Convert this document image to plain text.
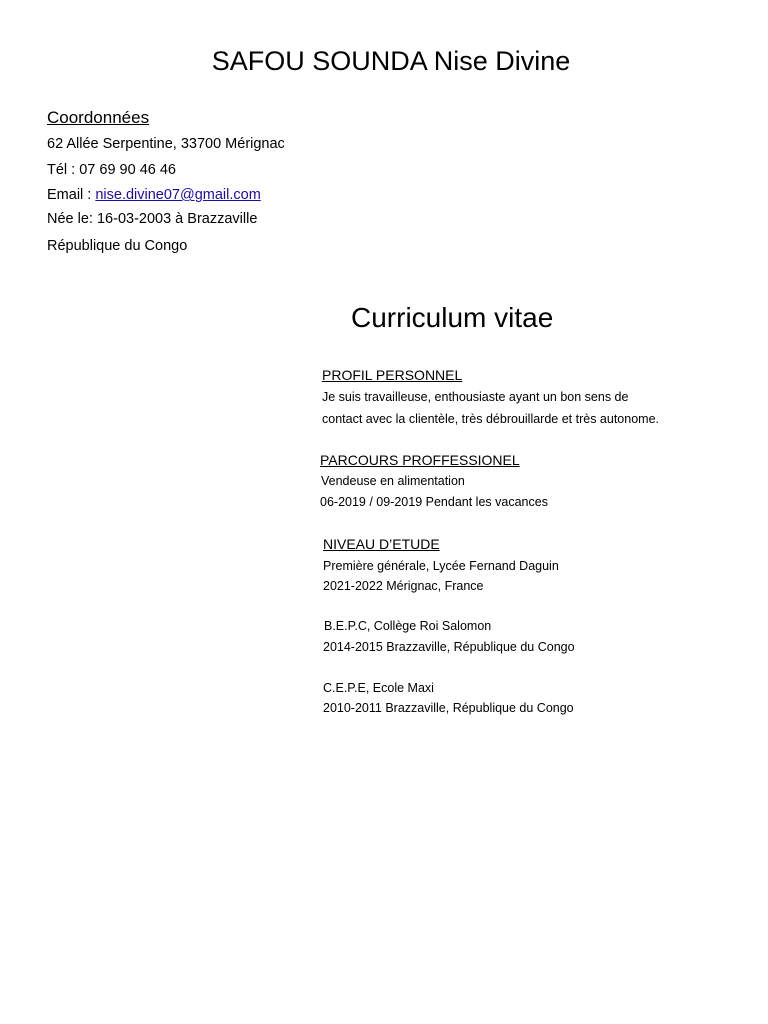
SAFOU SOUNDA Nise Divine
Coordonnées
62 Allée Serpentine, 33700 Mérignac
Tél : 07 69 90 46 46
Email : nise.divine07@gmail.com
Née le: 16-03-2003 à Brazzaville
République du Congo
Curriculum vitae
PROFIL PERSONNEL
Je suis travailleuse, enthousiaste ayant un bon sens de
contact avec la clientèle, très débrouillarde et très autonome.
PARCOURS PROFFESSIONEL
Vendeuse en alimentation
06-2019 / 09-2019 Pendant les vacances
NIVEAU D’ETUDE
Première générale, Lycée Fernand Daguin
2021-2022 Mérignac, France
B.E.P.C, Collège Roi Salomon
2014-2015 Brazzaville, République du Congo
C.E.P.E, Ecole Maxi
2010-2011 Brazzaville, République du Congo
